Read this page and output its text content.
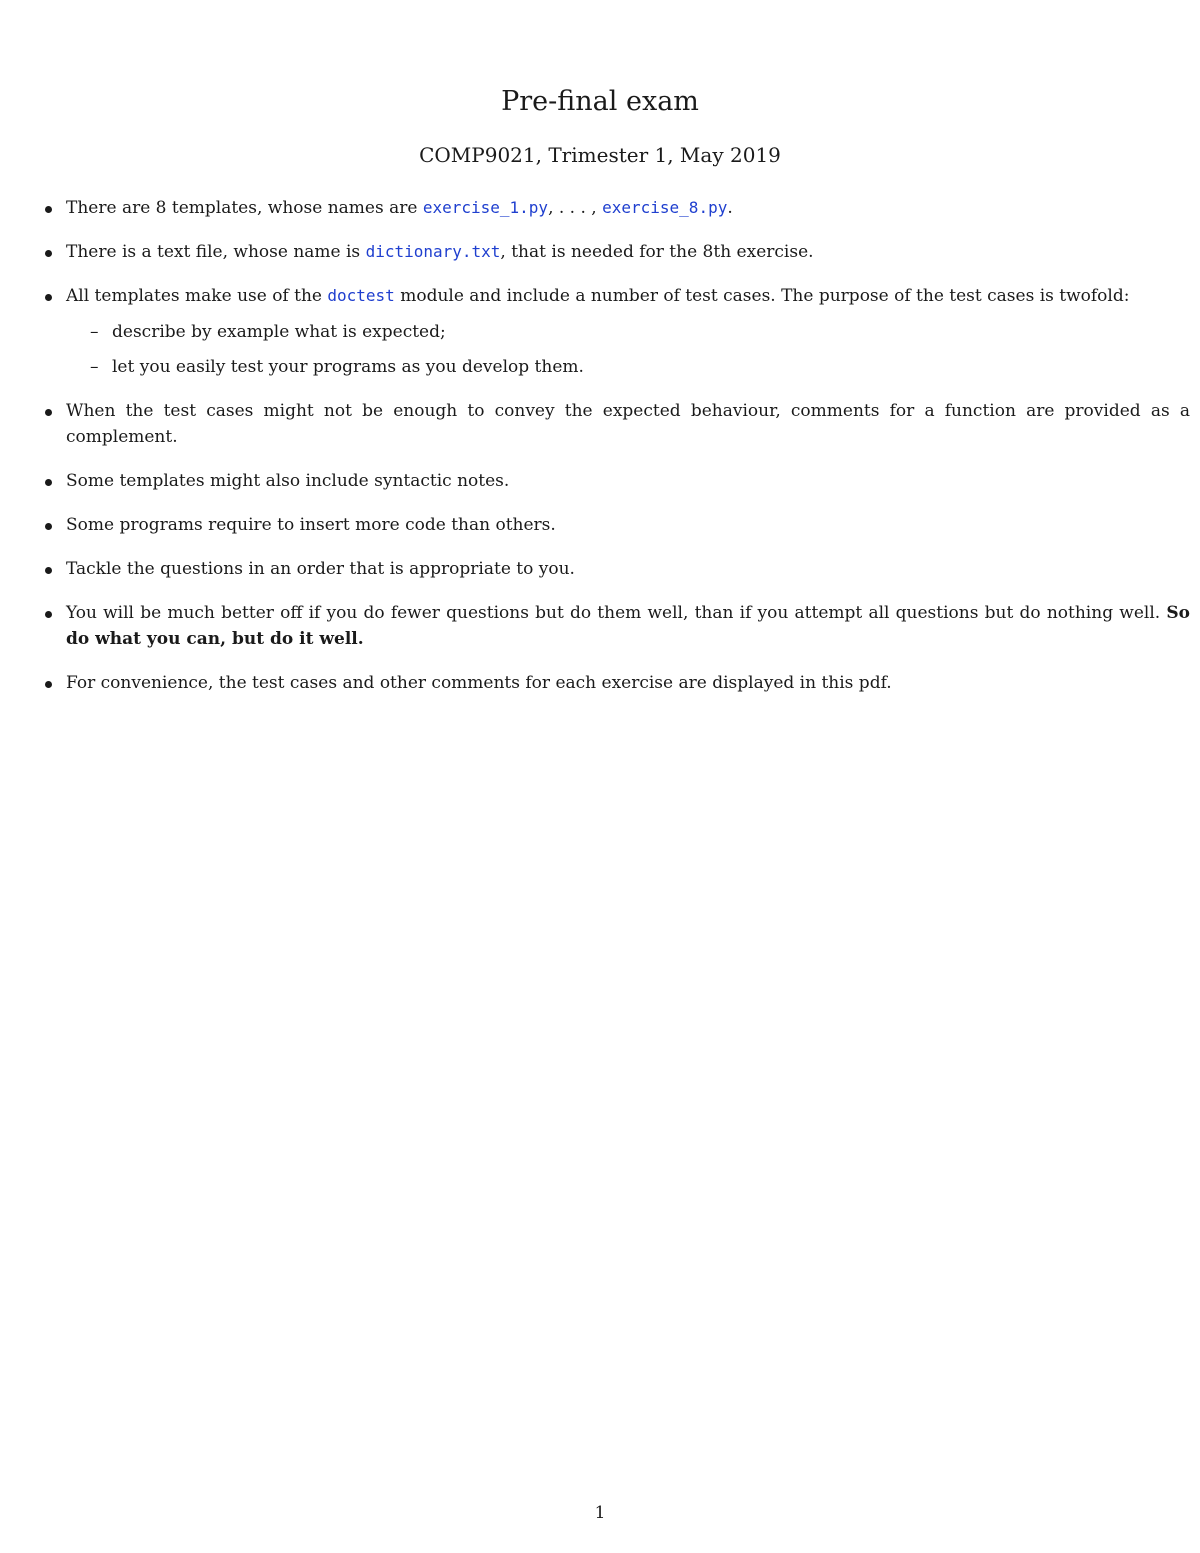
Pre-final exam
COMP9021, Trimester 1, May 2019
There are 8 templates, whose names are exercise_1.py, . . . , exercise_8.py.
There is a text file, whose name is dictionary.txt, that is needed for the 8th exercise.
All templates make use of the doctest module and include a number of test cases. The purpose of the test cases is twofold:
– describe by example what is expected;
– let you easily test your programs as you develop them.
When the test cases might not be enough to convey the expected behaviour, comments for a function are provided as a complement.
Some templates might also include syntactic notes.
Some programs require to insert more code than others.
Tackle the questions in an order that is appropriate to you.
You will be much better off if you do fewer questions but do them well, than if you attempt all questions but do nothing well. So do what you can, but do it well.
For convenience, the test cases and other comments for each exercise are displayed in this pdf.
1
